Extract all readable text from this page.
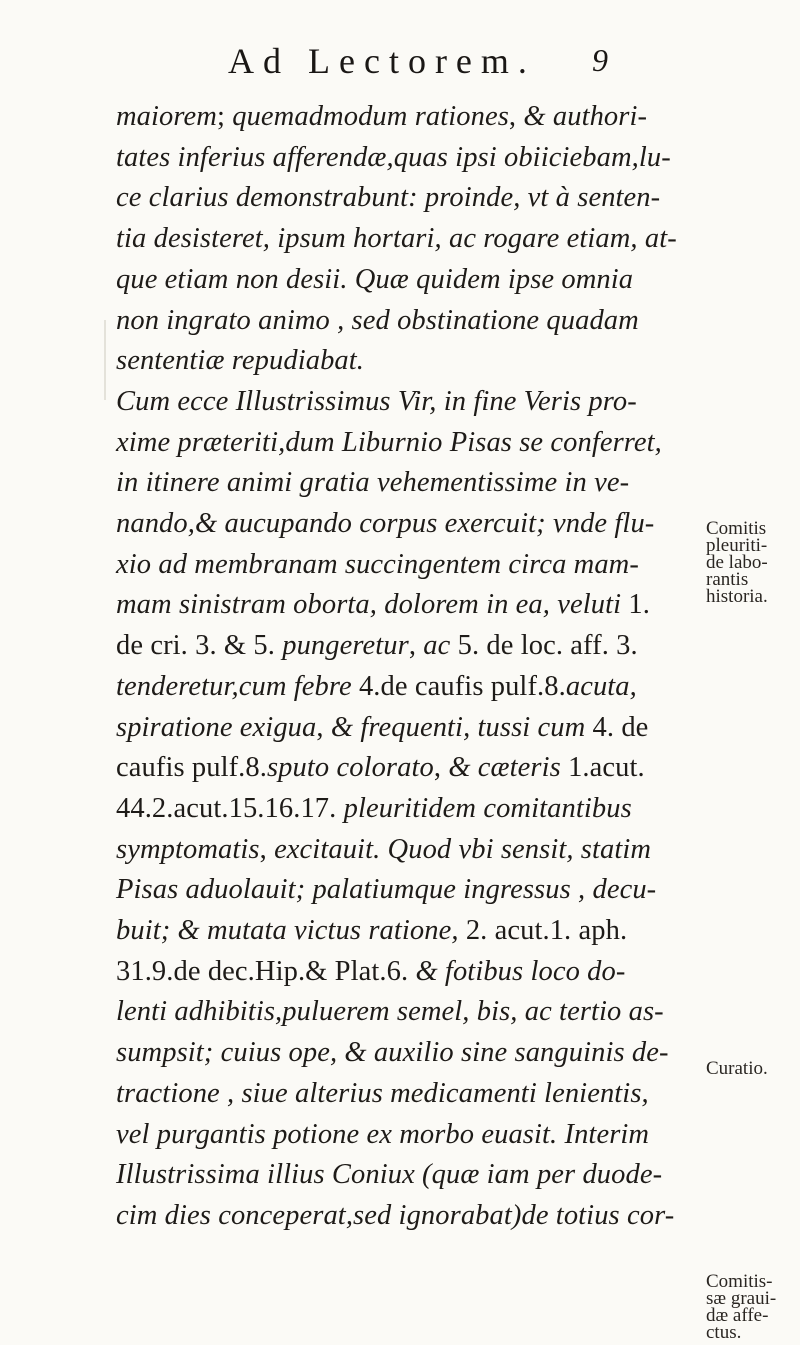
Ad Lectorem. 9
maiorem; quemadmodum rationes, & authori-
tates inferius afferendæ,quas ipsi obiiciebam,lu-
ce clarius demonstrabunt: proinde, vt à senten-
tia desisteret, ipsum hortari, ac rogare etiam, at-
que etiam non desii. Quæ quidem ipse omnia
non ingrato animo , sed obstinatione quadam
sententiæ repudiabat.
Cum ecce Illustrissimus Vir, in fine Veris pro-
xime præteriti,dum Liburnio Pisas se conferret,
in itinere animi gratia vehementissime in ve-
nando,& aucupando corpus exercuit; vnde flu-
xio ad membranam succingentem circa mam-
mam sinistram oborta, dolorem in ea, veluti 1.
de cri. 3. & 5. pungeretur, ac 5. de loc. aff. 3.
tenderetur,cum febre 4.de caufis pulf.8.acuta,
spiratione exigua, & frequenti, tussi cum 4. de
caufis pulf.8.sputo colorato, & cæteris 1.acut.
44.2.acut.15.16.17. pleuritidem comitantibus
symptomatis, excitauit. Quod vbi sensit, statim
Pisas aduolauit; palatiumque ingressus , decu-
buit; & mutata victus ratione, 2. acut.1. aph.
31.9.de dec.Hip.& Plat.6. & fotibus loco do-
lenti adhibitis,puluerem semel, bis, ac tertio as-
sumpsit; cuius ope, & auxilio sine sanguinis de-
tractione , siue alterius medicamenti lenientis,
vel purgantis potione ex morbo euasit. Interim
Illustrissima illius Coniux (quæ iam per duode-
cim dies conceperat,sed ignorabat)de totius cor-
Comitis
pleuriti-
de labo-
rantis
historia.
Curatio.
Comitis-
sæ graui-
dæ affe-
ctus.
